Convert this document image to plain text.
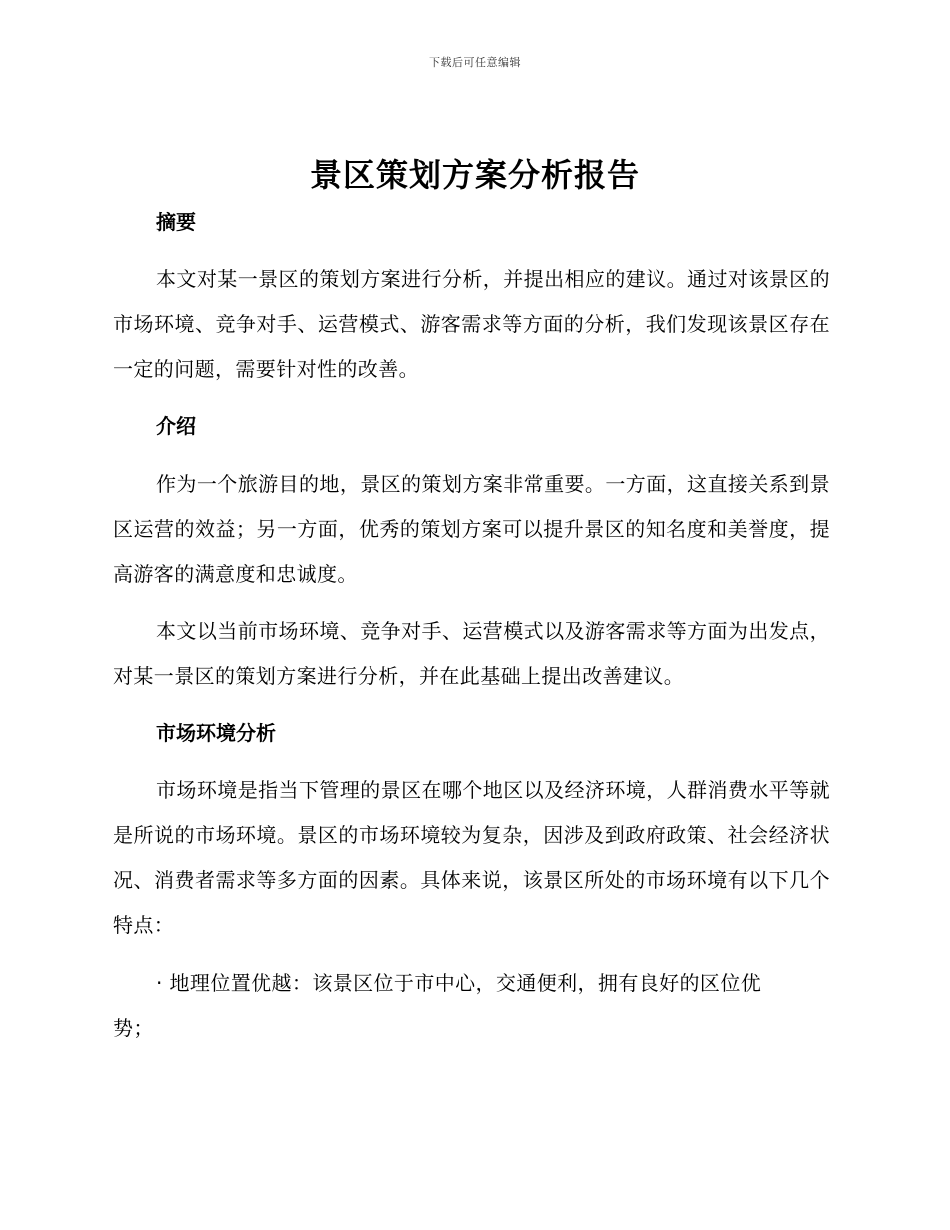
下载后可任意编辑
景区策划方案分析报告
摘要

本文对某一景区的策划方案进行分析，并提出相应的建议。通过对该景区的市场环境、竞争对手、运营模式、游客需求等方面的分析，我们发现该景区存在一定的问题，需要针对性的改善。

介绍

作为一个旅游目的地，景区的策划方案非常重要。一方面，这直接关系到景区运营的效益；另一方面，优秀的策划方案可以提升景区的知名度和美誉度，提高游客的满意度和忠诚度。

本文以当前市场环境、竞争对手、运营模式以及游客需求等方面为出发点，对某一景区的策划方案进行分析，并在此基础上提出改善建议。

市场环境分析

市场环境是指当下管理的景区在哪个地区以及经济环境，人群消费水平等就是所说的市场环境。景区的市场环境较为复杂，因涉及到政府政策、社会经济状况、消费者需求等多方面的因素。具体来说，该景区所处的市场环境有以下几个特点：

· 地理位置优越：该景区位于市中心，交通便利，拥有良好的区位优

势；
